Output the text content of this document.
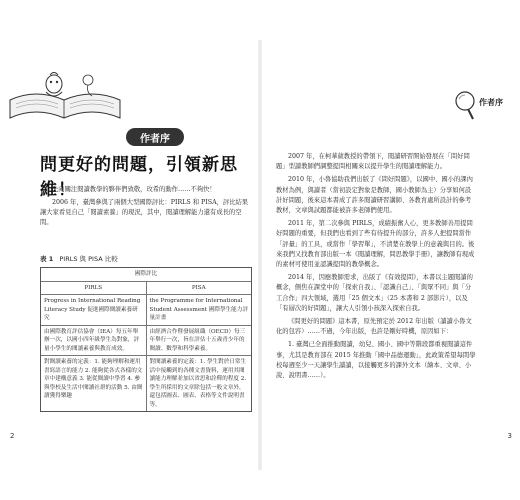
作者序
問更好的問題，引領新思維！

先向關注閱讀教學的夥伴們致敬，玫希的動作……不夠快！

2006 年，臺灣參與了兩個大型國際評比：PIRLS 和 PISA，評比結果讓大家看見自己「閱讀素養」的現況，其中，閱讀理解能力還有成長的空間。

表 1 PIRLS 與 PISA 比較
國際評比
PIRLS	PISA
Progress in International Reading Literacy Study 促進國際閱讀素養研究
the Programme for International Student Assessment 國際學生能力評量計畫
由國際教育評估協會（IEA）每五年舉辦一次，以國小四年級學生為對象，評量小學生的閱讀素養與教育成效。
由經濟合作暨發展組織（OECD）每三年舉行一次，旨在評估十五歲青少年的閱讀、數學和科學素養。
對閱讀素養的定義：1. 能夠理解和運用書寫語言的能力 2. 能夠從各式各樣的文章中建構意義 3. 能從閱讀中學習 4. 參與學校及生活中閱讀社群的活動 5. 由閱讀獲得樂趣
對閱讀素養的定義：1. 學生對於日常生活中接觸到的各種文書資料，運用其閱讀能力理解並加以省思和詮釋的程度 2. 學生所採用的文章除包括一般文章外，還包括圖表、圖表、表格等文件說明書等。
2
作者序

2007 年，在柯華葳教授的帶領下，閱讀研習開始發展在「問好問題」型讀教師們調整提問相關來以提升學生的閱讀理解能力。

2010 年，小魯協助我們出版了《問好問題》，以國中、國小的課內教材為例，與讀者（當初設定對象是教師，國小教師為主）分享如何設計好問題，後來這本書成了許多閱讀研習講師、各教育處所設計的參考教材，文章與試題都能被許多老師們使用。

2011 年，第二次參與 PIRLS，成績振奮人心，更多教師善用提問好問題的重要，但我們也看到了些有待提升的部分，許多人把提問當作「評量」的工具，或當作「學習單」，不清楚在教學上的意義與目的。後來我們又找教育部出版一本《閱讀理解，問思教學手冊》，讓教師有現成的素材可使用並認識提問的教學概念。

2014 年，因應教師需求，出版了《有效提問》，本書以主題閱讀的概念，側焦在課堂中的「探索自我」、「認識自己」、「與眾不同」與「分工合作」四大領域，選用「25 個文本」（25 本書和 2 部影片），以及「有層次的好問題」，讓大人引領小孩深入探索自我。

《問更好的問題》這本書，原先預定於 2012 年出版（讀讀小魯文化的包容）……不過，今年出版，也許是剛好時機，原因如下：

1. 臺灣已全面推動閱讀，幼兒、國小、國中等階段都重視閱讀這件事，尤其是教育部在 2015 年推動「國中品德運動」，此政策希望每間學校每週至少一天讓學生讀讀，以接觸更多的課外文本（繪本、文章、小說、說明書……）。

3
